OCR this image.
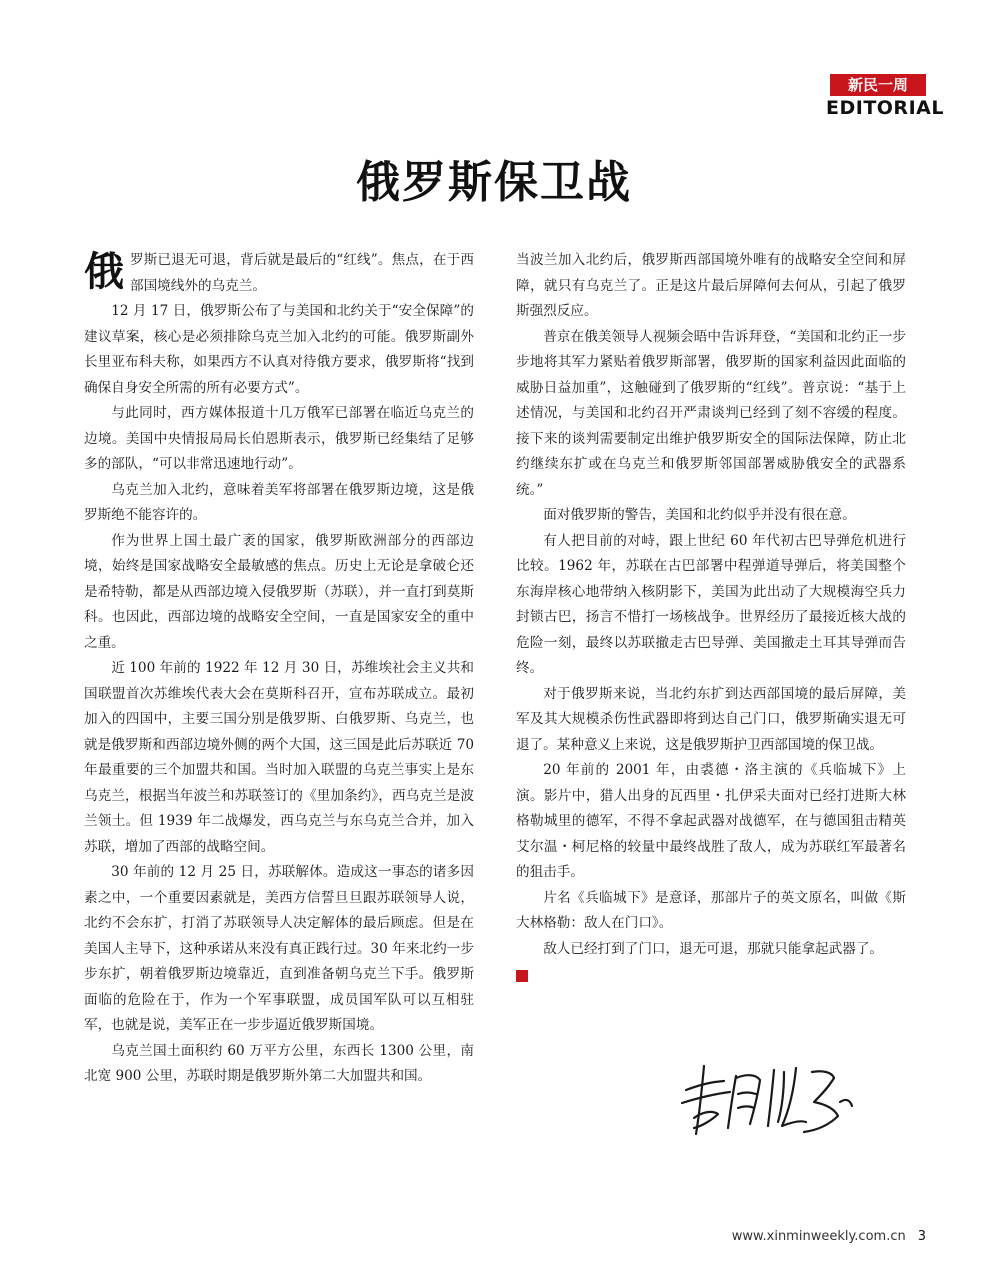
新民一周
EDITORIAL
俄罗斯保卫战

俄罗斯已退无可退，背后就是最后的“红线”。焦点，在于西部国境线外的乌克兰。

12 月 17 日，俄罗斯公布了与美国和北约关于“安全保障”的建议草案，核心是必须排除乌克兰加入北约的可能。俄罗斯副外长里亚布科夫称，如果西方不认真对待俄方要求，俄罗斯将“找到确保自身安全所需的所有必要方式”。

与此同时，西方媒体报道十几万俄军已部署在临近乌克兰的边境。美国中央情报局局长伯恩斯表示，俄罗斯已经集结了足够多的部队，“可以非常迅速地行动”。

乌克兰加入北约，意味着美军将部署在俄罗斯边境，这是俄罗斯绝不能容许的。

作为世界上国土最广袤的国家，俄罗斯欧洲部分的西部边境，始终是国家战略安全最敏感的焦点。历史上无论是拿破仑还是希特勒，都是从西部边境入侵俄罗斯（苏联），并一直打到莫斯科。也因此，西部边境的战略安全空间，一直是国家安全的重中之重。

近 100 年前的 1922 年 12 月 30 日，苏维埃社会主义共和国联盟首次苏维埃代表大会在莫斯科召开，宣布苏联成立。最初加入的四国中，主要三国分别是俄罗斯、白俄罗斯、乌克兰，也就是俄罗斯和西部边境外侧的两个大国，这三国是此后苏联近 70 年最重要的三个加盟共和国。当时加入联盟的乌克兰事实上是东乌克兰，根据当年波兰和苏联签订的《里加条约》，西乌克兰是波兰领土。但 1939 年二战爆发，西乌克兰与东乌克兰合并，加入苏联，增加了西部的战略空间。

30 年前的 12 月 25 日，苏联解体。造成这一事态的诸多因素之中，一个重要因素就是，美西方信誓旦旦跟苏联领导人说，北约不会东扩，打消了苏联领导人决定解体的最后顾虑。但是在美国人主导下，这种承诺从来没有真正践行过。30 年来北约一步步东扩，朝着俄罗斯边境靠近，直到准备朝乌克兰下手。俄罗斯面临的危险在于，作为一个军事联盟，成员国军队可以互相驻军，也就是说，美军正在一步步逼近俄罗斯国境。

乌克兰国土面积约 60 万平方公里，东西长 1300 公里，南北宽 900 公里，苏联时期是俄罗斯外第二大加盟共和国。

当波兰加入北约后，俄罗斯西部国境外唯有的战略安全空间和屏障，就只有乌克兰了。正是这片最后屏障何去何从，引起了俄罗斯强烈反应。

普京在俄美领导人视频会晤中告诉拜登，“美国和北约正一步步地将其军力紧贴着俄罗斯部署，俄罗斯的国家利益因此面临的威胁日益加重”，这触碰到了俄罗斯的“红线”。普京说：“基于上述情况，与美国和北约召开严肃谈判已经到了刻不容缓的程度。接下来的谈判需要制定出维护俄罗斯安全的国际法保障，防止北约继续东扩或在乌克兰和俄罗斯邻国部署威胁俄安全的武器系统。”

面对俄罗斯的警告，美国和北约似乎并没有很在意。

有人把目前的对峙，跟上世纪 60 年代初古巴导弹危机进行比较。1962 年，苏联在古巴部署中程弹道导弹后，将美国整个东海岸核心地带纳入核阴影下，美国为此出动了大规模海空兵力封锁古巴，扬言不惜打一场核战争。世界经历了最接近核大战的危险一刻，最终以苏联撤走古巴导弹、美国撤走土耳其导弹而告终。

对于俄罗斯来说，当北约东扩到达西部国境的最后屏障，美军及其大规模杀伤性武器即将到达自己门口，俄罗斯确实退无可退了。某种意义上来说，这是俄罗斯护卫西部国境的保卫战。

20 年前的 2001 年，由裘德・洛主演的《兵临城下》上演。影片中，猎人出身的瓦西里・扎伊采夫面对已经打进斯大林格勒城里的德军，不得不拿起武器对战德军，在与德国狙击精英艾尔温・柯尼格的较量中最终战胜了敌人，成为苏联红军最著名的狙击手。

片名《兵临城下》是意译，那部片子的英文原名，叫做《斯大林格勒：敌人在门口》。

敌人已经打到了门口，退无可退，那就只能拿起武器了。

www.xinminweekly.com.cn 3
